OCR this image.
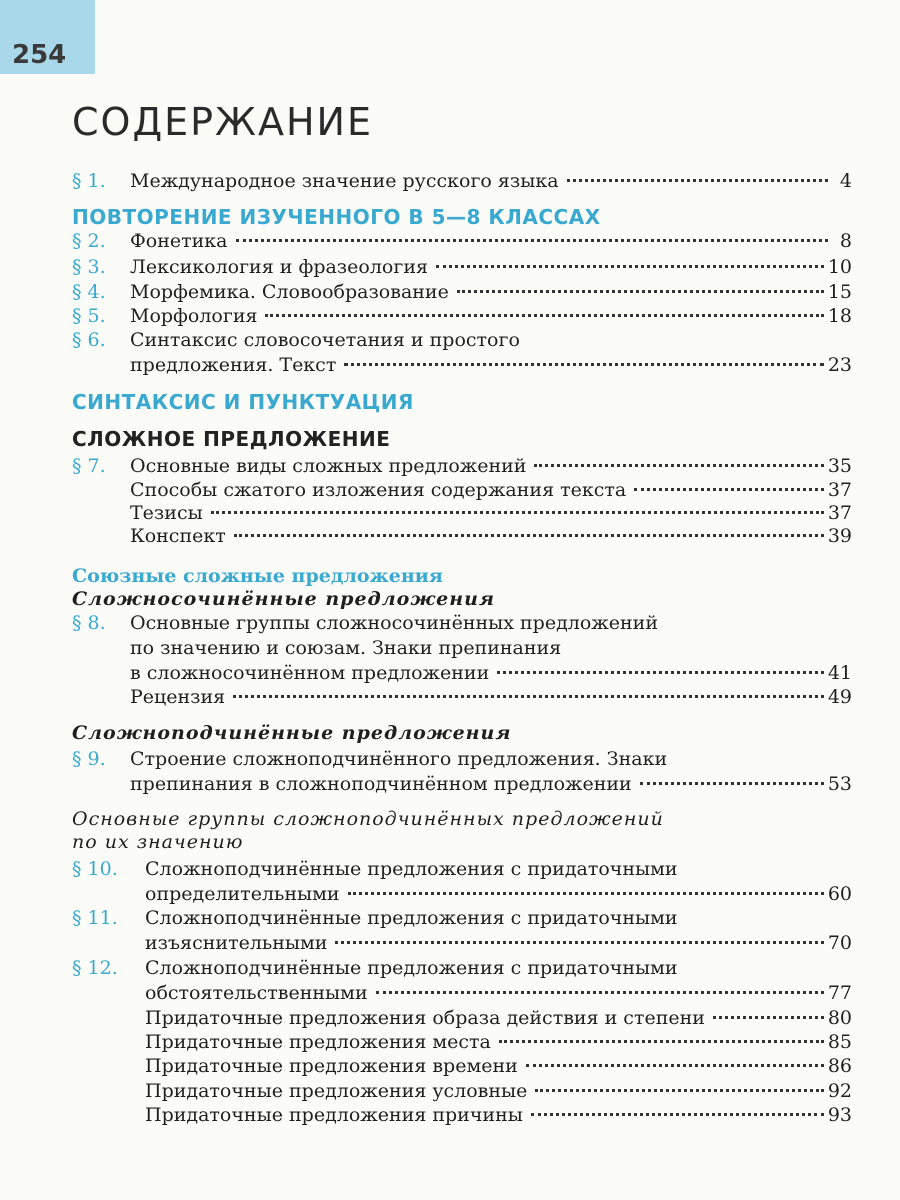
254
СОДЕРЖАНИЕ
§ 1. Международное значение русского языка	4
ПОВТОРЕНИЕ ИЗУЧЕННОГО В 5—8 КЛАССАХ
§ 2. Фонетика	8
§ 3. Лексикология и фразеология	10
§ 4. Морфемика. Словообразование	15
§ 5. Морфология	18
§ 6. Синтаксис словосочетания и простого
предложения. Текст	23
СИНТАКСИС И ПУНКТУАЦИЯ
СЛОЖНОЕ ПРЕДЛОЖЕНИЕ
§ 7. Основные виды сложных предложений	35
Способы сжатого изложения содержания текста	37
Тезисы	37
Конспект	39
Союзные сложные предложения
Сложносочинённые предложения
§ 8. Основные группы сложносочинённых предложений
по значению и союзам. Знаки препинания
в сложносочинённом предложении	41
Рецензия	49
Сложноподчинённые предложения
§ 9. Строение сложноподчинённого предложения. Знаки
препинания в сложноподчинённом предложении	53
Основные группы сложноподчинённых предложений
по их значению
§ 10. Сложноподчинённые предложения с придаточными
определительными	60
§ 11. Сложноподчинённые предложения с придаточными
изъяснительными	70
§ 12. Сложноподчинённые предложения с придаточными
обстоятельственными	77
Придаточные предложения образа действия и степени	80
Придаточные предложения места	85
Придаточные предложения времени	86
Придаточные предложения условные	92
Придаточные предложения причины	93
